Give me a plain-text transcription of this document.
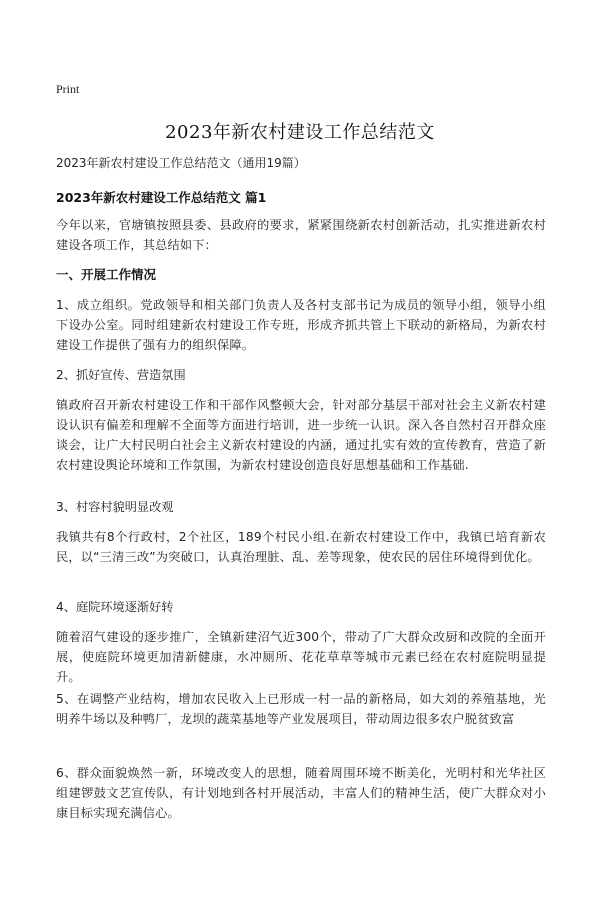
Print
2023年新农村建设工作总结范文
2023年新农村建设工作总结范文（通用19篇）
2023年新农村建设工作总结范文 篇1
今年以来，官塘镇按照县委、县政府的要求，紧紧围绕新农村创新活动，扎实推进新农村建设各项工作，其总结如下：
一、开展工作情况
1、成立组织。党政领导和相关部门负责人及各村支部书记为成员的领导小组，领导小组下设办公室。同时组建新农村建设工作专班，形成齐抓共管上下联动的新格局，为新农村建设工作提供了强有力的组织保障。
2、抓好宣传、营造氛围
镇政府召开新农村建设工作和干部作风整顿大会，针对部分基层干部对社会主义新农村建设认识有偏差和理解不全面等方面进行培训，进一步统一认识。深入各自然村召开群众座谈会，让广大村民明白社会主义新农村建设的内涵，通过扎实有效的宣传教育，营造了新农村建设舆论环境和工作氛围，为新农村建设创造良好思想基础和工作基础.
3、村容村貌明显改观
我镇共有8个行政村，2个社区，189个村民小组.在新农村建设工作中，我镇已培育新农民，以“三清三改”为突破口，认真治理脏、乱、差等现象，使农民的居住环境得到优化。
4、庭院环境逐渐好转
随着沼气建设的逐步推广，全镇新建沼气近300个，带动了广大群众改厨和改院的全面开展，使庭院环境更加清新健康，水冲厕所、花花草草等城市元素已经在农村庭院明显提升。
5、在调整产业结构，增加农民收入上已形成一村一品的新格局，如大刘的养殖基地，光明养牛场以及种鸭厂，龙坝的蔬菜基地等产业发展项目，带动周边很多农户脱贫致富
6、群众面貌焕然一新，环境改变人的思想，随着周围环境不断美化，光明村和光华社区组建锣鼓文艺宣传队，有计划地到各村开展活动，丰富人们的精神生活，使广大群众对小康目标实现充满信心。
